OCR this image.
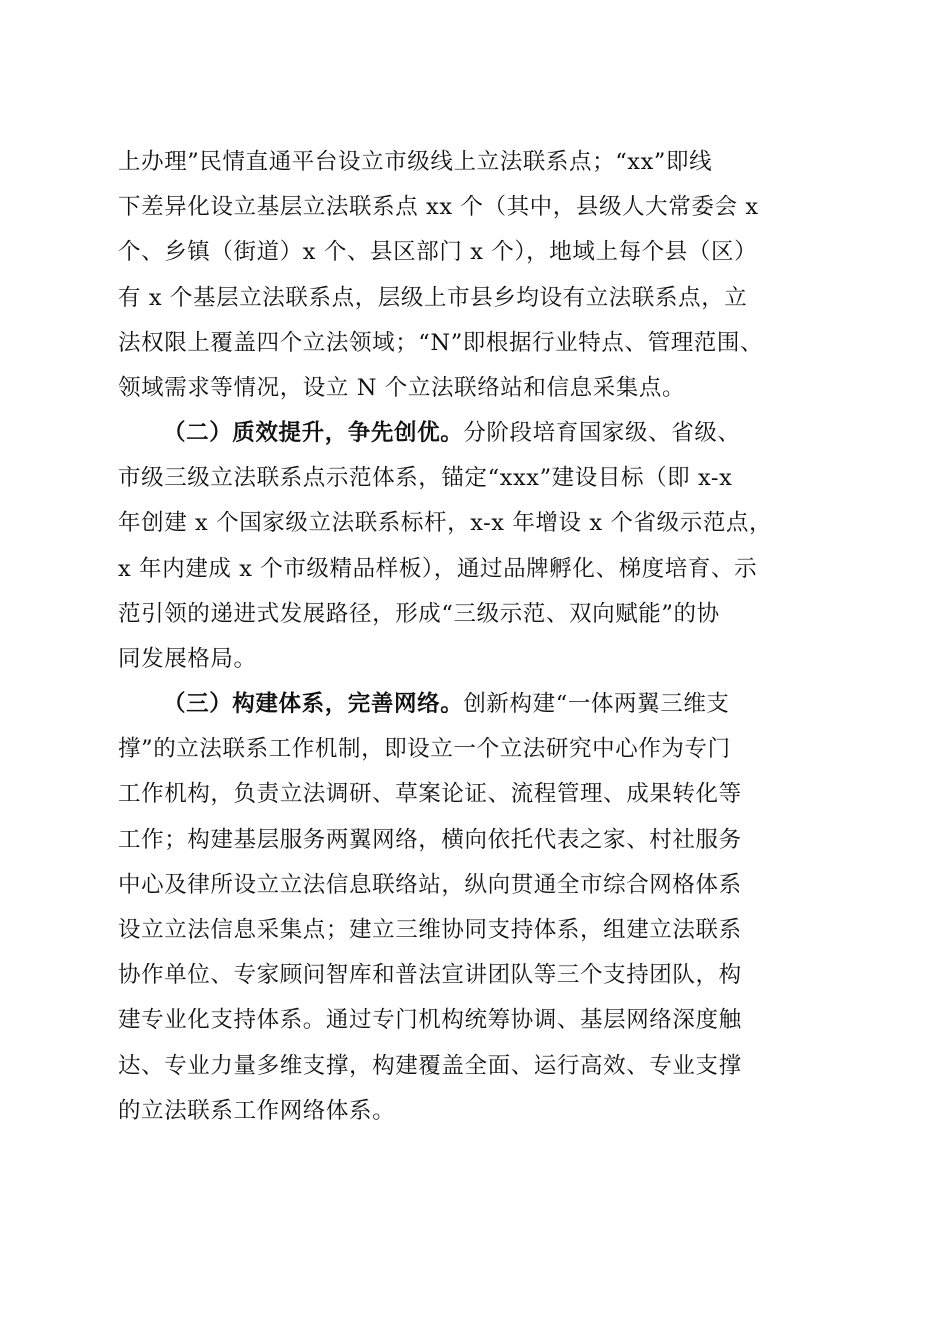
上办理”民情直通平台设立市级线上立法联系点；“xx”即线
下差异化设立基层立法联系点 xx 个（其中，县级人大常委会 x
个、乡镇（街道）x 个、县区部门 x 个），地域上每个县（区）
有 x 个基层立法联系点，层级上市县乡均设有立法联系点，立
法权限上覆盖四个立法领域；“N”即根据行业特点、管理范围、
领域需求等情况，设立 N 个立法联络站和信息采集点。
（二）质效提升，争先创优。分阶段培育国家级、省级、
市级三级立法联系点示范体系，锚定“xxx”建设目标（即 x-x
年创建 x 个国家级立法联系标杆，x-x 年增设 x 个省级示范点，
x 年内建成 x 个市级精品样板），通过品牌孵化、梯度培育、示
范引领的递进式发展路径，形成“三级示范、双向赋能”的协
同发展格局。
（三）构建体系，完善网络。创新构建“一体两翼三维支
撑”的立法联系工作机制，即设立一个立法研究中心作为专门
工作机构，负责立法调研、草案论证、流程管理、成果转化等
工作；构建基层服务两翼网络，横向依托代表之家、村社服务
中心及律所设立立法信息联络站，纵向贯通全市综合网格体系
设立立法信息采集点；建立三维协同支持体系，组建立法联系
协作单位、专家顾问智库和普法宣讲团队等三个支持团队，构
建专业化支持体系。通过专门机构统筹协调、基层网络深度触
达、专业力量多维支撑，构建覆盖全面、运行高效、专业支撑
的立法联系工作网络体系。
